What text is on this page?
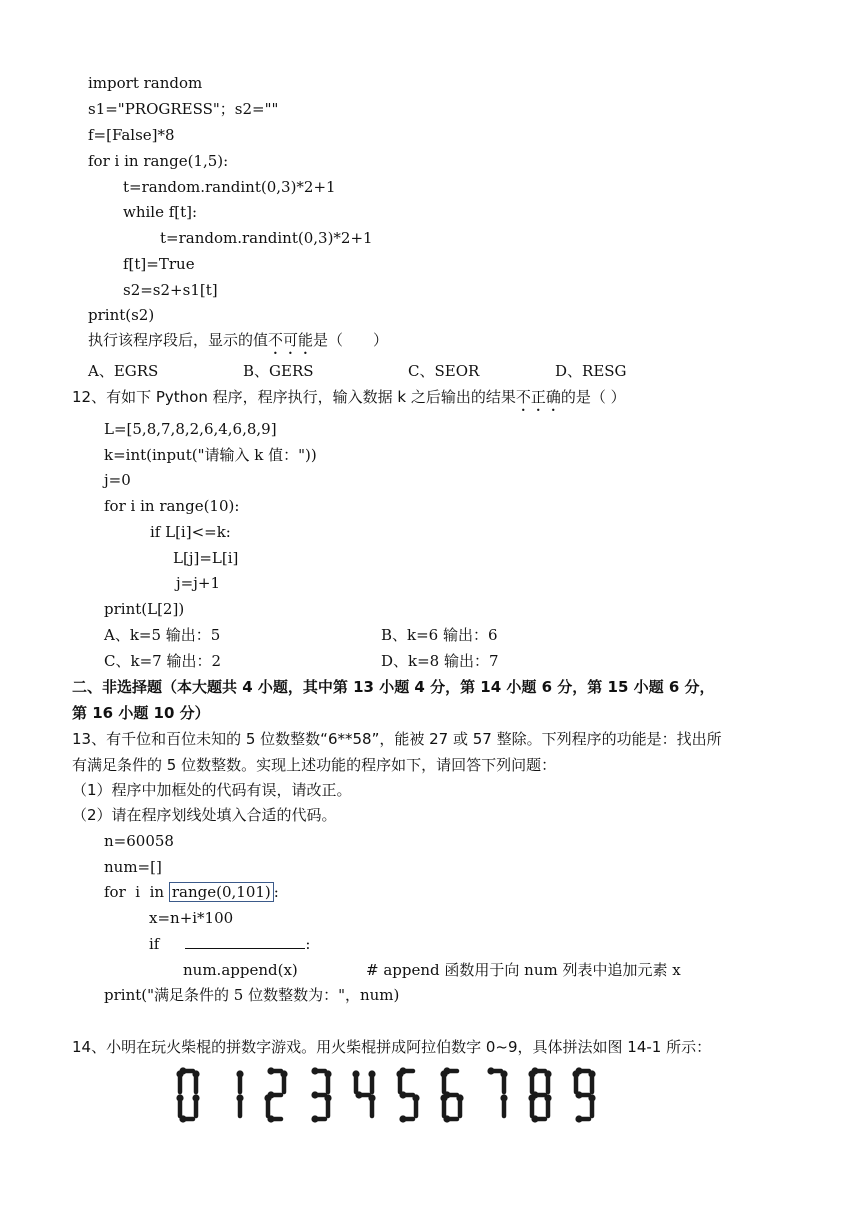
import random
s1="PROGRESS"；s2=""
f=[False]*8
for i in range(1,5):
t=random.randint(0,3)*2+1
while f[t]:
t=random.randint(0,3)*2+1
f[t]=True
s2=s2+s1[t]
print(s2)
执行该程序段后，显示的值不可能是（　　）
A、EGRS	B、GERS	C、SEOR	D、RESG
12、有如下 Python 程序，程序执行，输入数据 k 之后输出的结果不正确的是（ ）
L=[5,8,7,8,2,6,4,6,8,9]
k=int(input("请输入 k 值："))
j=0
for i in range(10):
if L[i]<=k:
L[j]=L[i]
j=j+1
print(L[2])
A、k=5 输出：5	B、k=6 输出：6
C、k=7 输出：2	D、k=8 输出：7
二、非选择题（本大题共 4 小题，其中第 13 小题 4 分，第 14 小题 6 分，第 15 小题 6 分，
第 16 小题 10 分）
13、有千位和百位未知的 5 位数整数“6**58”，能被 27 或 57 整除。下列程序的功能是：找出所
有满足条件的 5 位数整数。实现上述功能的程序如下，请回答下列问题：
（1）程序中加框处的代码有误，请改正。
（2）请在程序划线处填入合适的代码。
n=60058
num=[]
for  i  in range(0,101) :
x=n+i*100
if	:
num.append(x)	# append 函数用于向 num 列表中追加元素 x
print("满足条件的 5 位数整数为："，num)
14、小明在玩火柴棍的拼数字游戏。用火柴棍拼成阿拉伯数字 0~9，具体拼法如图 14-1 所示：
